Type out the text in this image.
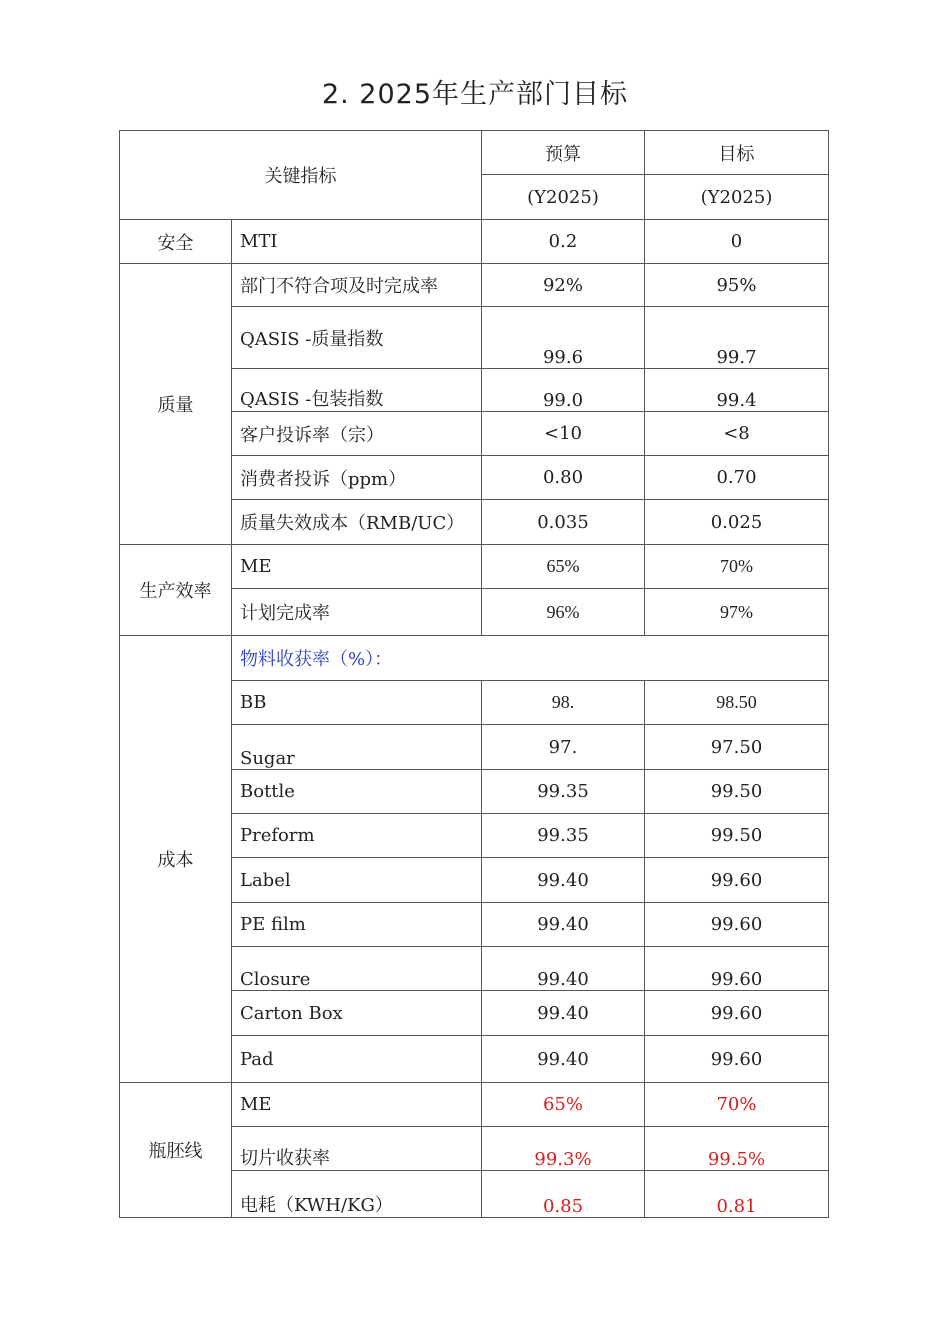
2. 2025年生产部门目标
关键指标		预算	目标
		(Y2025)	(Y2025)
安全	MTI	0.2	0
质量	部门不符合项及时完成率	92%	95%
	QASIS -质量指数	99.6	99.7
	QASIS -包装指数	99.0	99.4
	客户投诉率（宗）	<10	<8
	消费者投诉（ppm）	0.80	0.70
	质量失效成本（RMB/UC）	0.035	0.025
生产效率	ME	65%	70%
	计划完成率	96%	97%
成本	物料收获率（%）：		
	BB	98.	98.50
	Sugar	97.	97.50
	Bottle	99.35	99.50
	Preform	99.35	99.50
	Label	99.40	99.60
	PE film	99.40	99.60
	Closure	99.40	99.60
	Carton Box	99.40	99.60
	Pad	99.40	99.60
瓶胚线	ME	65%	70%
	切片收获率	99.3%	99.5%
	电耗（KWH/KG）	0.85	0.81
